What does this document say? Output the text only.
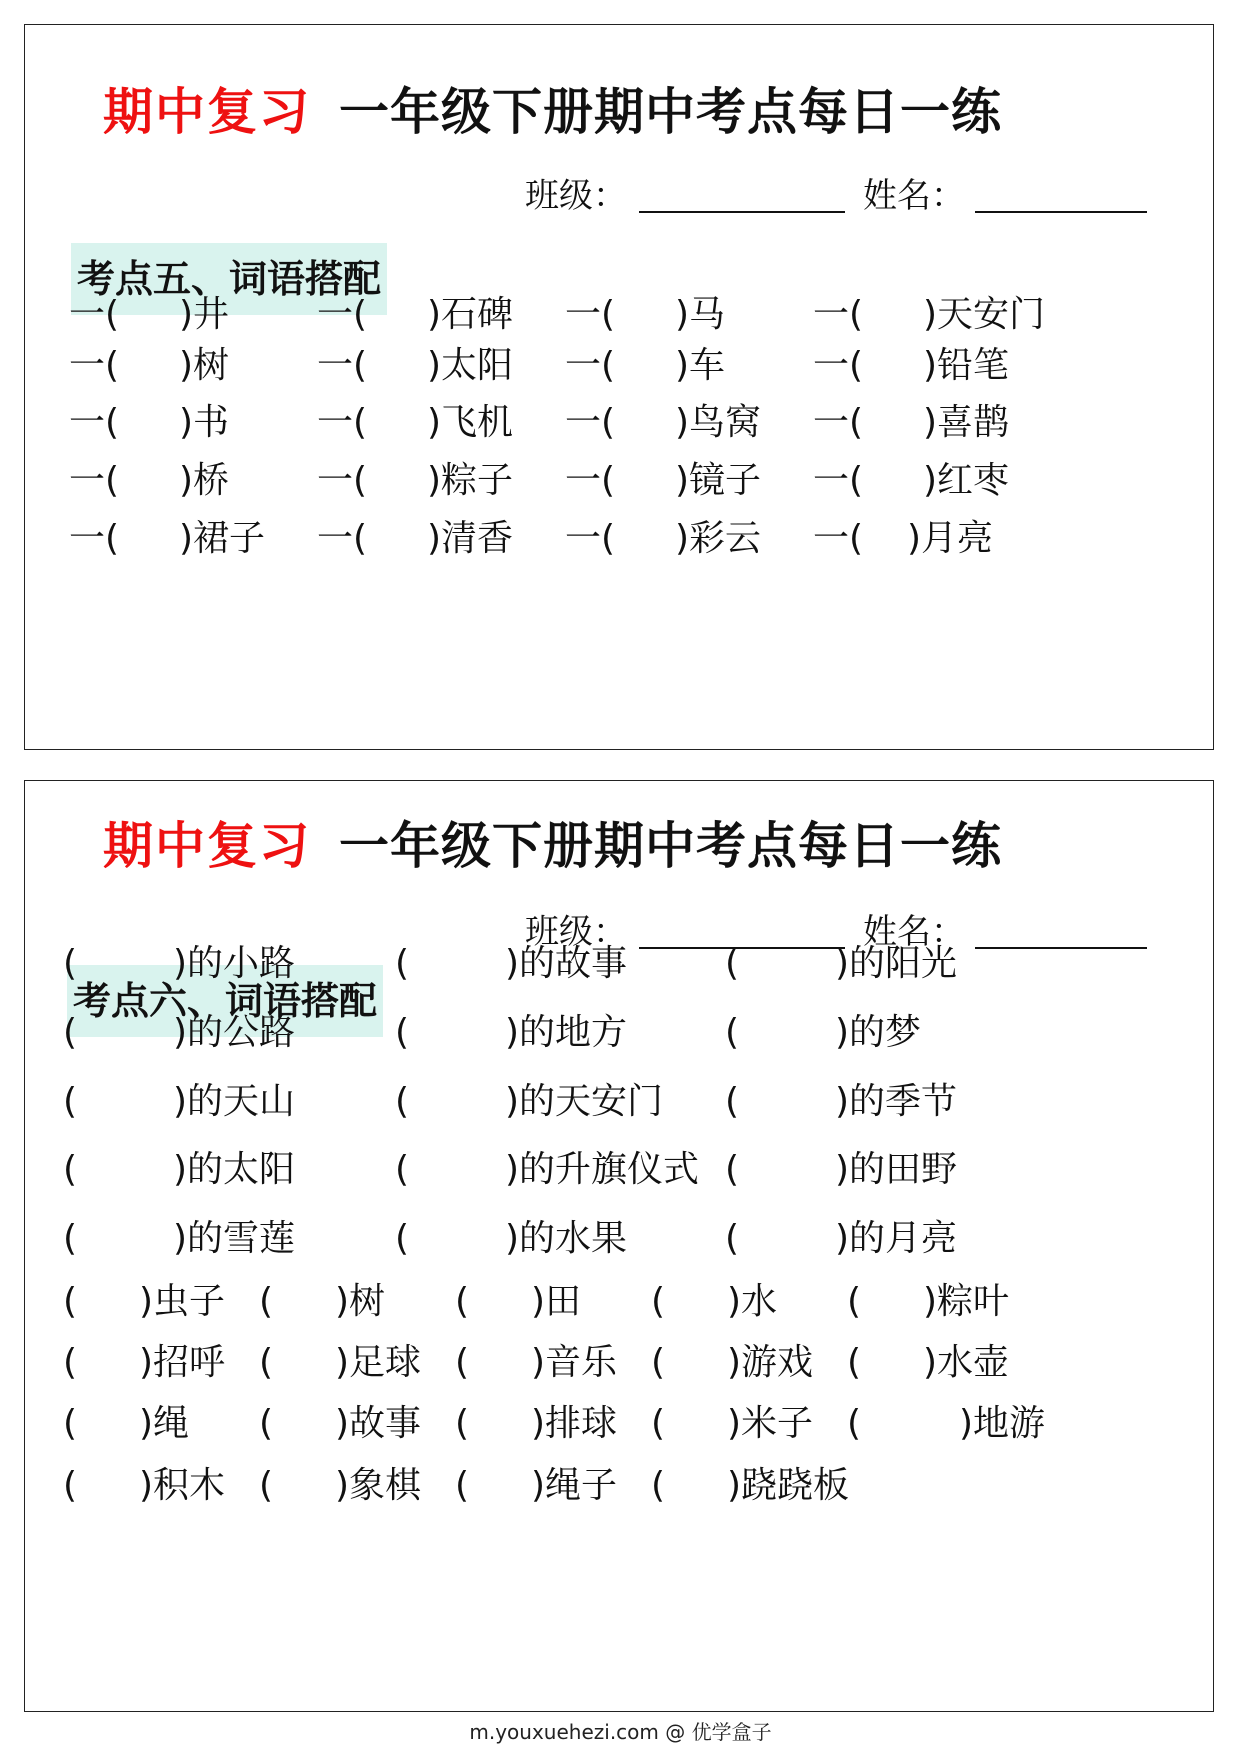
期中复习 一年级下册期中考点每日一练
班级：	姓名：
考点五、词语搭配
一( )井 一( )石碑 一( )马 一( )天安门
一( )树 一( )太阳 一( )车 一( )铅笔
一( )书 一( )飞机 一( )鸟窝 一( )喜鹊
一( )桥 一( )粽子 一( )镜子 一( )红枣
一( )裙子 一( )清香 一( )彩云 一( )月亮
期中复习 一年级下册期中考点每日一练
班级：	姓名：
考点六、词语搭配
(	)的小路	(	)的故事	(	)的阳光
(	)的公路	(	)的地方	(	)的梦
(	)的天山	(	)的天安门 (	)的季节
(	)的太阳	(	)的升旗仪式 (	)的田野
(	)的雪莲	(	)的水果	(	)的月亮
( )虫子 ( )树 ( )田 ( )水 ( )粽叶
( )招呼 ( )足球 ( )音乐 ( )游戏 ( )水壶
( )绳 ( )故事 ( )排球 ( )米子 (	)地游
( )积木 ( )象棋 ( )绳子 ( )跷跷板
m.youxuehezi.com @ 优学盒子
